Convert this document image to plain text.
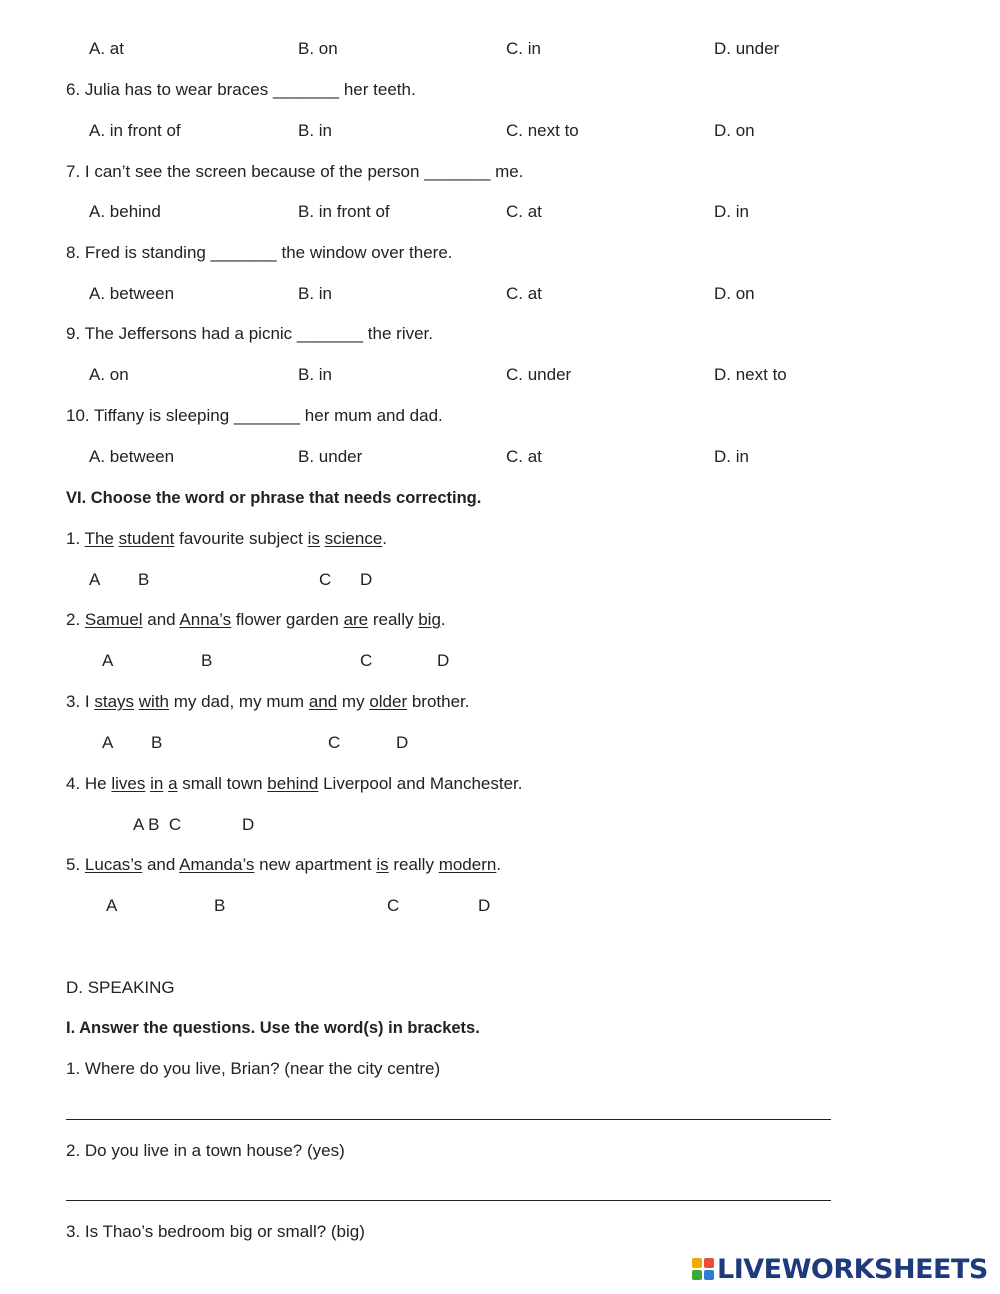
A. at	B. on	C. in	D. under
6. Julia has to wear braces _______ her teeth.
A. in front of	B. in	C. next to	D. on
7. I can’t see the screen because of the person _______ me.
A. behind	B. in front of	C. at	D. in
8. Fred is standing _______ the window over there.
A. between	B. in	C. at	D. on
9. The Jeffersons had a picnic _______ the river.
A. on	B. in	C. under	D. next to
10. Tiffany is sleeping _______ her mum and dad.
A. between	B. under	C. at	D. in
VI. Choose the word or phrase that needs correcting.
1. The student favourite subject is science.
A B	C D
2. Samuel and Anna’s flower garden are really big.
A	B	C	D
3. I stays with my dad, my mum and my older brother.
A B	C	D
4. He lives in a small town behind Liverpool and Manchester.
A B  C	D
5. Lucas’s and Amanda’s new apartment is really modern.
A	B	C	D
D. SPEAKING
I. Answer the questions. Use the word(s) in brackets.
1. Where do you live, Brian? (near the city centre)
2. Do you live in a town house? (yes)
3. Is Thao’s bedroom big or small? (big)
LIVEWORKSHEETS
